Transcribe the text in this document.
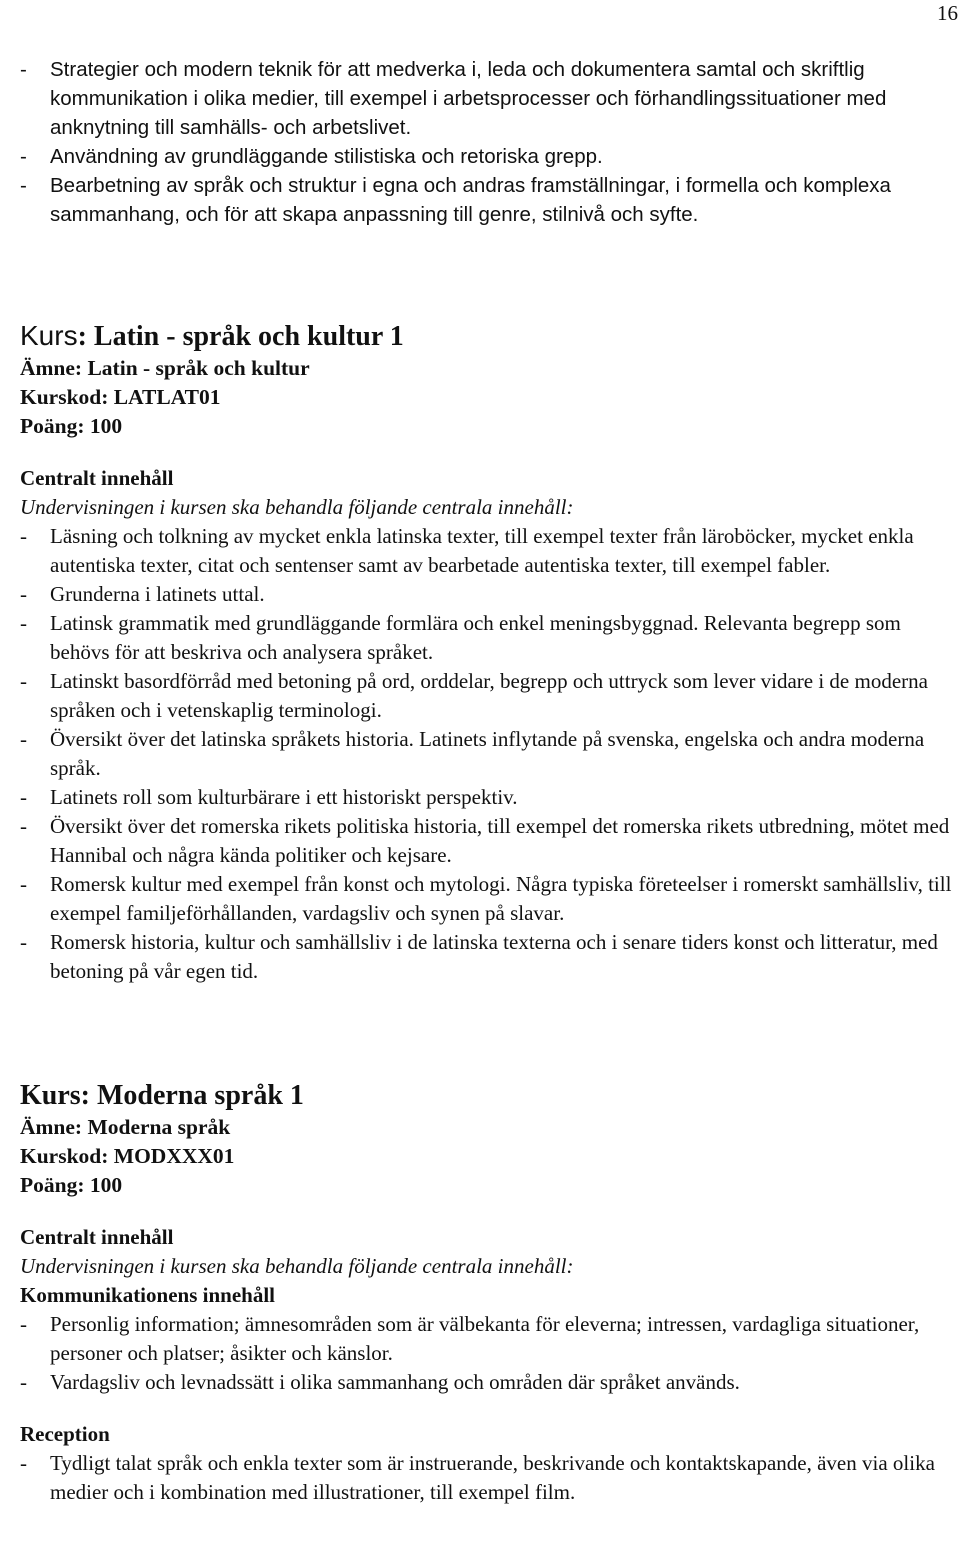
16
- Strategier och modern teknik för att medverka i, leda och dokumentera samtal och skriftlig kommunikation i olika medier, till exempel i arbetsprocesser och förhandlingssituationer med anknytning till samhälls- och arbetslivet.
- Användning av grundläggande stilistiska och retoriska grepp.
- Bearbetning av språk och struktur i egna och andras framställningar, i formella och komplexa sammanhang, och för att skapa anpassning till genre, stilnivå och syfte.
Kurs: Latin - språk och kultur 1
Ämne: Latin - språk och kultur
Kurskod: LATLAT01
Poäng: 100
Centralt innehåll
Undervisningen i kursen ska behandla följande centrala innehåll:
- Läsning och tolkning av mycket enkla latinska texter, till exempel texter från läroböcker, mycket enkla autentiska texter, citat och sentenser samt av bearbetade autentiska texter, till exempel fabler.
- Grunderna i latinets uttal.
- Latinsk grammatik med grundläggande formlära och enkel meningsbyggnad. Relevanta begrepp som behövs för att beskriva och analysera språket.
- Latinskt basordförråd med betoning på ord, orddelar, begrepp och uttryck som lever vidare i de moderna språken och i vetenskaplig terminologi.
- Översikt över det latinska språkets historia. Latinets inflytande på svenska, engelska och andra moderna språk.
- Latinets roll som kulturbärare i ett historiskt perspektiv.
- Översikt över det romerska rikets politiska historia, till exempel det romerska rikets utbredning, mötet med Hannibal och några kända politiker och kejsare.
- Romersk kultur med exempel från konst och mytologi. Några typiska företeelser i romerskt samhällsliv, till exempel familjeförhållanden, vardagsliv och synen på slavar.
- Romersk historia, kultur och samhällsliv i de latinska texterna och i senare tiders konst och litteratur, med betoning på vår egen tid.
Kurs: Moderna språk 1
Ämne: Moderna språk
Kurskod: MODXXX01
Poäng: 100
Centralt innehåll
Undervisningen i kursen ska behandla följande centrala innehåll:
Kommunikationens innehåll
- Personlig information; ämnesområden som är välbekanta för eleverna; intressen, vardagliga situationer, personer och platser; åsikter och känslor.
- Vardagsliv och levnadssätt i olika sammanhang och områden där språket används.
Reception
- Tydligt talat språk och enkla texter som är instruerande, beskrivande och kontaktskapande, även via olika medier och i kombination med illustrationer, till exempel film.
